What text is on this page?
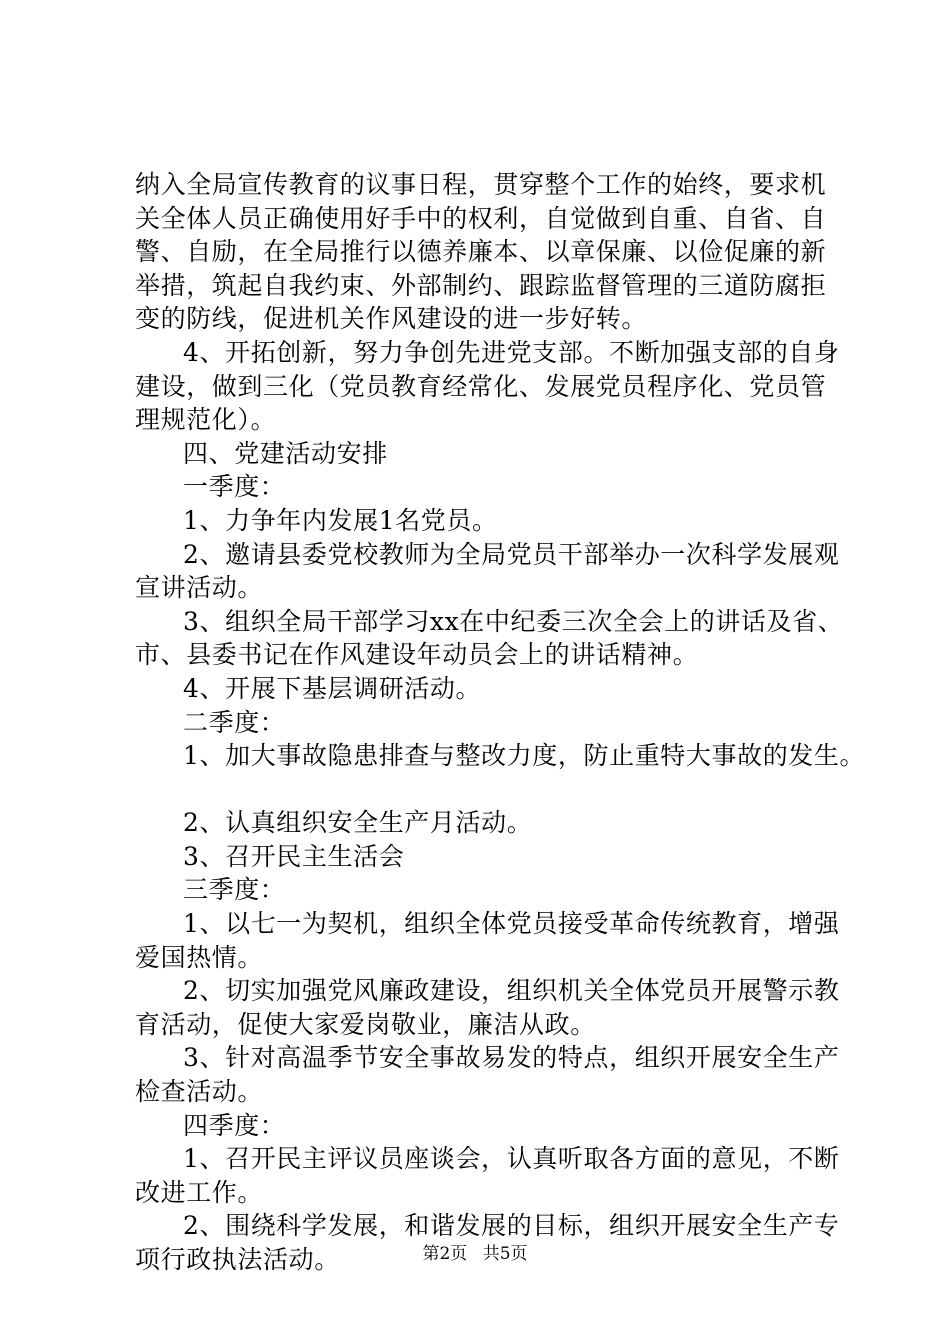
纳入全局宣传教育的议事日程，贯穿整个工作的始终，要求机
关全体人员正确使用好手中的权利，自觉做到自重、自省、自
警、自励，在全局推行以德养廉本、以章保廉、以俭促廉的新
举措，筑起自我约束、外部制约、跟踪监督管理的三道防腐拒
变的防线，促进机关作风建设的进一步好转。
4、开拓创新，努力争创先进党支部。不断加强支部的自身
建设，做到三化（党员教育经常化、发展党员程序化、党员管
理规范化）。
四、党建活动安排
一季度：
1、力争年内发展1名党员。
2、邀请县委党校教师为全局党员干部举办一次科学发展观
宣讲活动。
3、组织全局干部学习xx在中纪委三次全会上的讲话及省、
市、县委书记在作风建设年动员会上的讲话精神。
4、开展下基层调研活动。
二季度：
1、加大事故隐患排查与整改力度，防止重特大事故的发生。
2、认真组织安全生产月活动。
3、召开民主生活会
三季度：
1、以七一为契机，组织全体党员接受革命传统教育，增强
爱国热情。
2、切实加强党风廉政建设，组织机关全体党员开展警示教
育活动，促使大家爱岗敬业，廉洁从政。
3、针对高温季节安全事故易发的特点，组织开展安全生产
检查活动。
四季度：
1、召开民主评议员座谈会，认真听取各方面的意见，不断
改进工作。
2、围绕科学发展，和谐发展的目标，组织开展安全生产专
项行政执法活动。	第2页 共5页
